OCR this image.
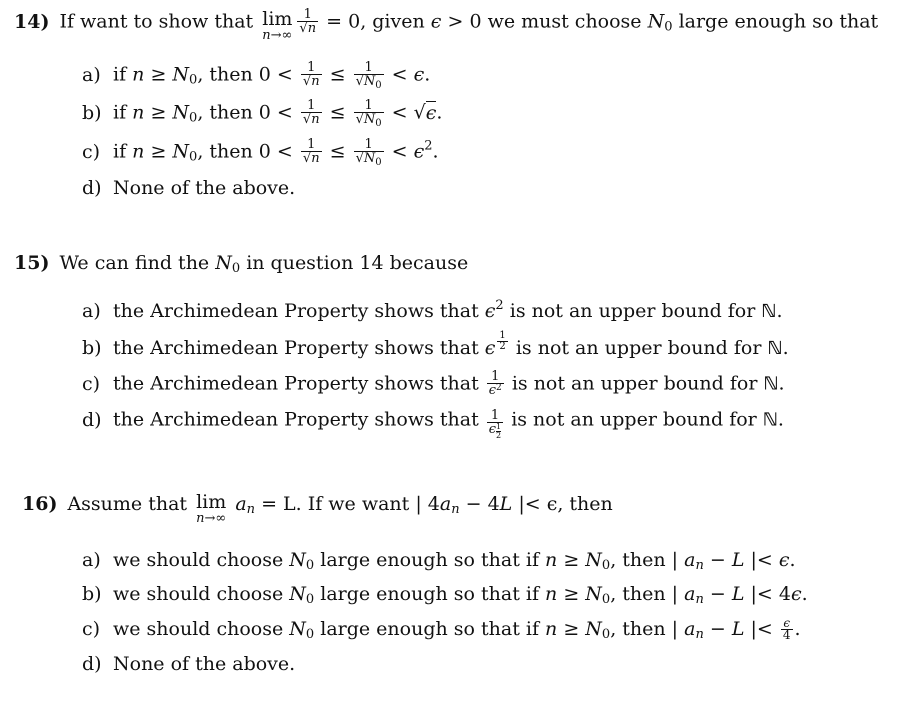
14) If want to show that lim
n→∞
$\frac{1}{√n} = 0$, given ϵ > 0 we must choose $N_0$ large enough so that
a) if $n \ge N_0$, then $0 < \frac{1}{√n} \le \frac{1}{√N_0} < \epsilon$.
b) if $n \ge N_0$, then $0 < \frac{1}{√n} \le \frac{1}{√N_0} < √\epsilon$.
c) if $n \ge N_0$, then $0 < \frac{1}{√n} \le \frac{1}{√N_0} < \epsilon^2$.
d) None of the above.
15) We can find the $N_0$ in question 14 because
a) the Archimedean Property shows that $\epsilon^2$ is not an upper bound for ℕ.
b) the Archimedean Property shows that ϵ $\frac{1}{2}$ is not an upper bound for ℕ.
c) the Archimedean Property shows that $\frac{1}{\epsilon^2}$ is not an upper bound for ℕ.
d) the Archimedean Property shows that $\frac{1}{\epsilon \frac{1}{2}}$ is not an upper bound for ℕ.
16) Assume that lim
n→∞
$a_n = L$. If we want | $4a_n - 4L$ |< ϵ, then
a) we should choose $N_0$ large enough so that if $n \ge N_0$, then | $a_n - L$ |< ϵ.
b) we should choose $N_0$ large enough so that if $n \ge N_0$, then | $a_n - L$ |< 4ϵ.
c) we should choose $N_0$ large enough so that if $n \ge N_0$, then | $a_n - L$ |< $\frac{\epsilon}{4}$ .
d) None of the above.
